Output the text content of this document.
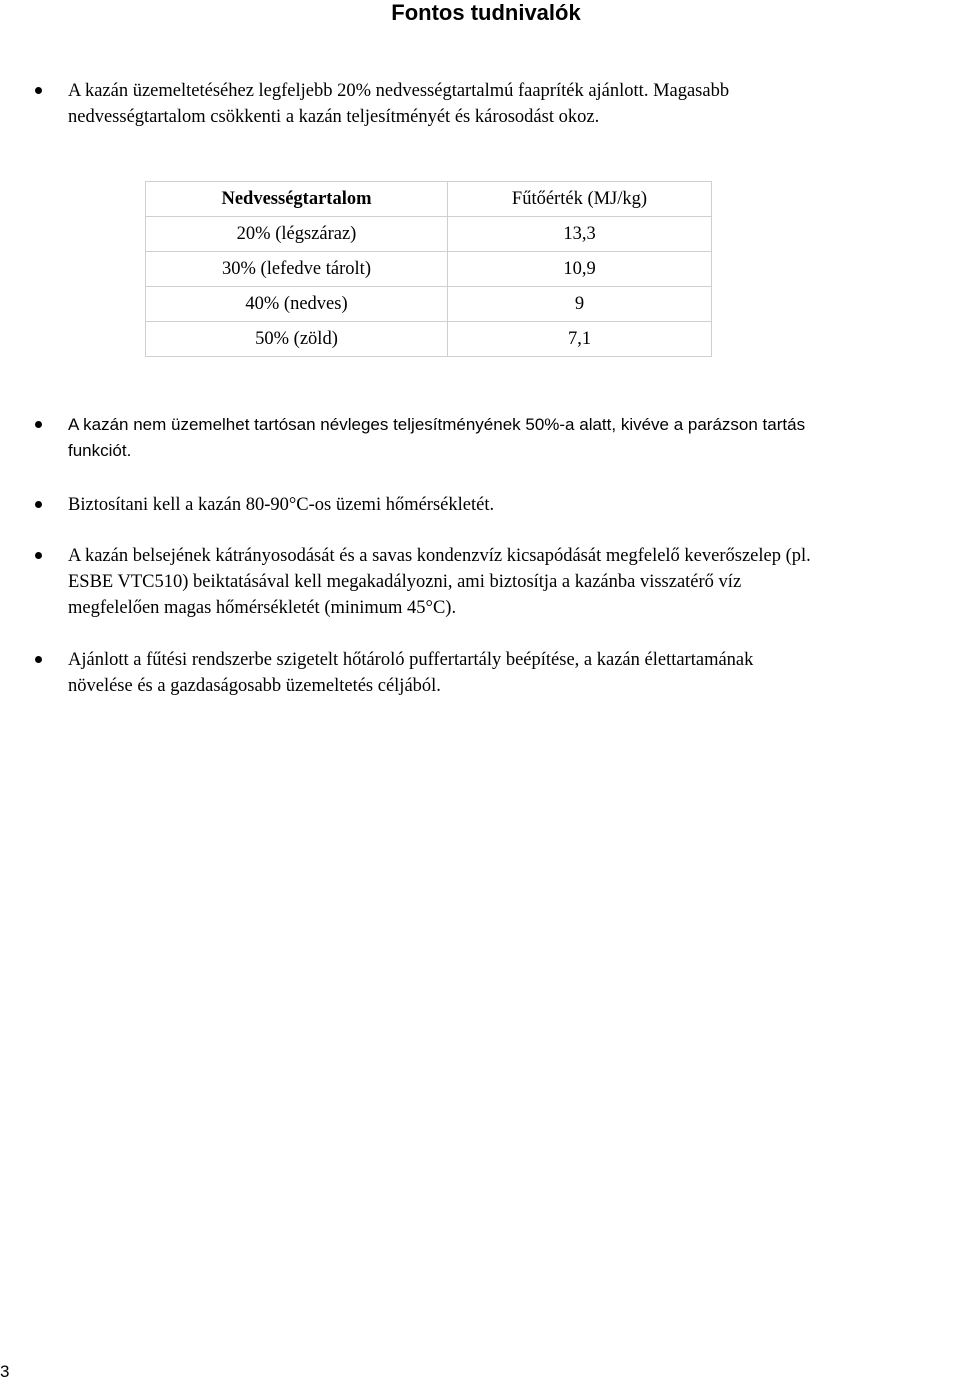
Fontos tudnivalók
A kazán üzemeltetéséhez legfeljebb 20% nedvességtartalmú faapríték ajánlott. Magasabb
nedvességtartalom csökkenti a kazán teljesítményét és károsodást okoz.
Nedvességtartalom	Fűtőérték (MJ/kg)
20% (légszáraz)	13,3
30% (lefedve tárolt)	10,9
40% (nedves)	9
50% (zöld)	7,1
A kazán nem üzemelhet tartósan névleges teljesítményének 50%-a alatt, kivéve a parázson tartás
funkciót.
Biztosítani kell a kazán 80-90°C-os üzemi hőmérsékletét.
A kazán belsejének kátrányosodását és a savas kondenzvíz kicsapódását megfelelő keverőszelep (pl.
ESBE VTC510) beiktatásával kell megakadályozni, ami biztosítja a kazánba visszatérő víz
megfelelően magas hőmérsékletét (minimum 45°C).
Ajánlott a fűtési rendszerbe szigetelt hőtároló puffertartály beépítése, a kazán élettartamának
növelése és a gazdaságosabb üzemeltetés céljából.
3
